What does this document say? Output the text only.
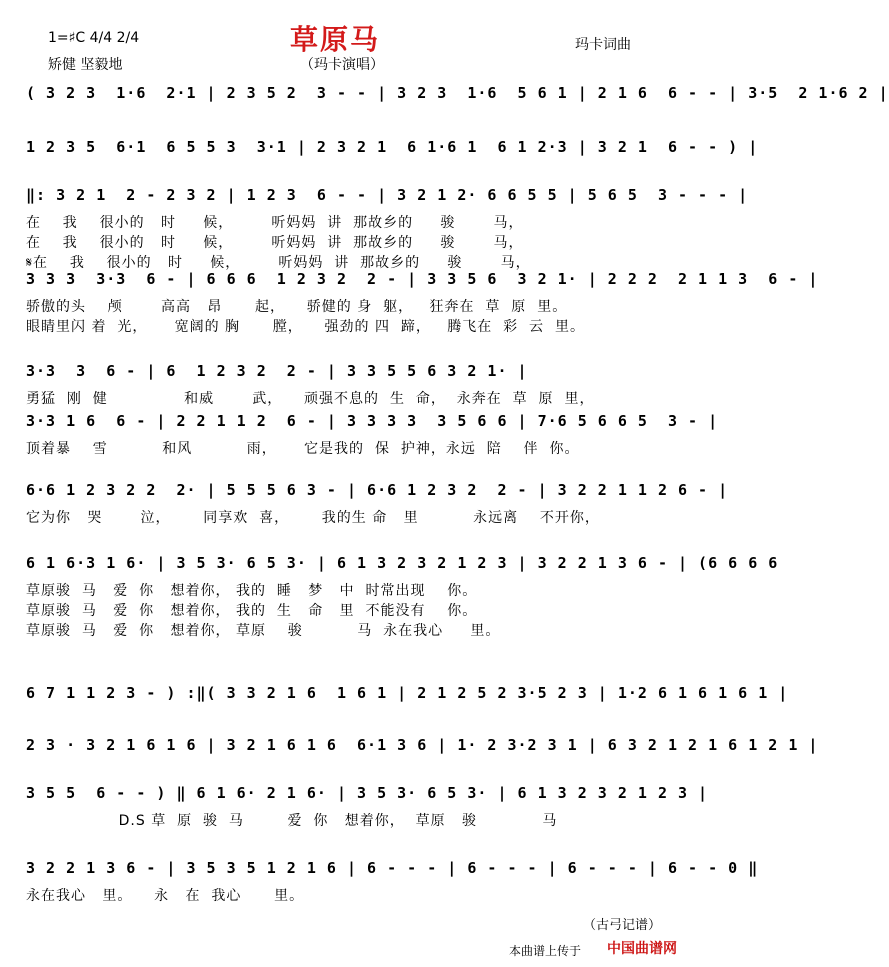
草原马
1=♯C 4/4 2/4
矫健 坚毅地	（玛卡演唱）
玛卡词曲
( 3 2 3  1·6  2·1 | 2 3 5 2  3 - - | 3 2 3  1·6  5 6 1 | 2 1 6  6 - - | 3·5  2 1·6 2 |
1 2 3 5  6·1  6 5 5 3  3·1 | 2 3 2 1  6 1·6 1  6 1 2·3 | 3 2 1  6 - - ) |
‖: 3 2 1  2 - 2 3 2 | 1 2 3  6 - - | 3 2 1 2· 6 6 5 5 | 5 6 5  3 - - - |
在    我    很小的   时     候，       听妈妈  讲  那故乡的     骏       马，
在    我    很小的   时     候，       听妈妈  讲  那故乡的     骏       马，
𝄋在    我    很小的   时     候，       听妈妈  讲  那故乡的     骏       马，
3 3 3  3·3  6 - | 6 6 6  1 2 3 2  2 - | 3 3 5 6  3 2 1· | 2 2 2  2 1 1 3  6 - |
骄傲的头    颅       高高   昂      起，    骄健的 身  躯，   狂奔在  草  原  里。
眼睛里闪 着  光，     宽阔的 胸      膛，    强劲的 四  蹄，   腾飞在  彩  云  里。
3·3  3  6 - | 6  1 2 3 2  2 - | 3 3 5 5 6 3 2 1· |
勇猛  刚  健              和威       武，    顽强不息的  生  命，  永奔在  草  原  里，
3·3 1 6  6 - | 2 2 1 1 2  6 - | 3 3 3 3  3 5 6 6 | 7·6 5 6 6 5  3 - |
顶着暴    雪          和风          雨，     它是我的  保  护神，永远  陪    伴  你。
6·6 1 2 3 2 2  2· | 5 5 5 6 3 - | 6·6 1 2 3 2  2 - | 3 2 2 1 1 2 6 - |
它为你   哭       泣，      同享欢  喜，      我的生 命   里          永远离    不开你，
6 1 6·3 1 6· | 3 5 3· 6 5 3· | 6 1 3 2 3 2 1 2 3 | 3 2 2 1 3 6 - | (6 6 6 6
草原骏  马   爱  你   想着你， 我的  睡   梦   中  时常出现    你。
草原骏  马   爱  你   想着你， 我的  生   命   里  不能没有    你。
草原骏  马   爱  你   想着你， 草原    骏          马  永在我心     里。
6 7 1 1 2 3 - ) :‖( 3 3 2 1 6  1 6 1 | 2 1 2 5 2 3·5 2 3 | 1·2 6 1 6 1 6 1 |
2 3 · 3 2 1 6 1 6 | 3 2 1 6 1 6  6·1 3 6 | 1· 2 3·2 3 1 | 6 3 2 1 2 1 6 1 2 1 |
3 5 5  6 - - ) ‖ 6 1 6· 2 1 6· | 3 5 3· 6 5 3· | 6 1 3 2 3 2 1 2 3 |
D.S 草  原  骏  马        爱  你   想着你，  草原   骏            马
3 2 2 1 3 6 - | 3 5 3 5 1 2 1 6 | 6 - - - | 6 - - - | 6 - - - | 6 - - 0 ‖
永在我心   里。    永   在  我心      里。
（古弓记谱）
本曲谱上传于 中国曲谱网
